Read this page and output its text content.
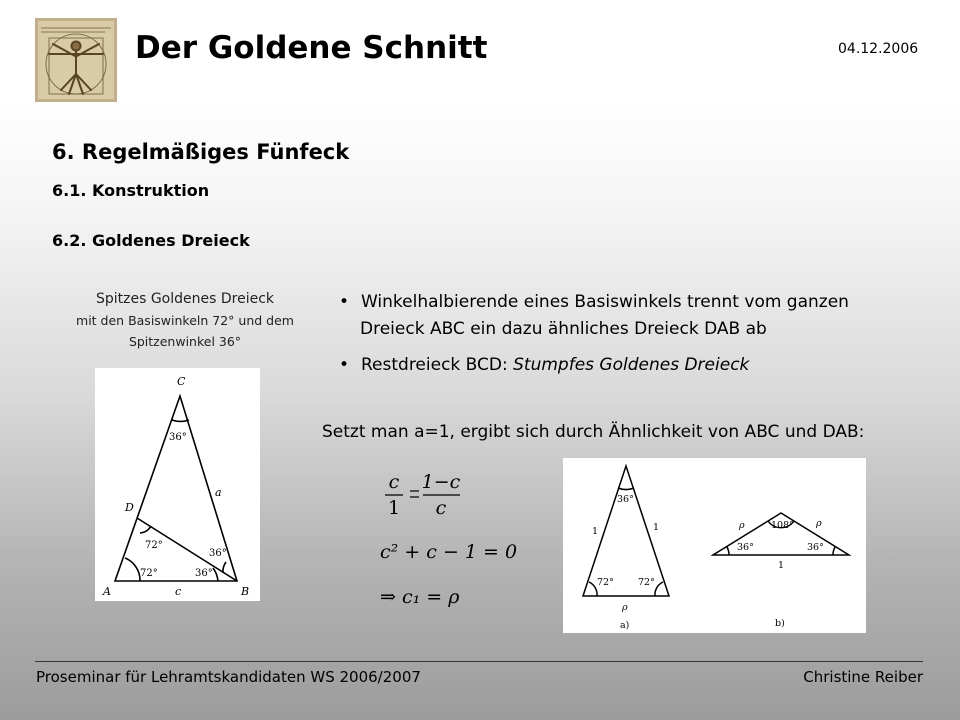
Der Goldene Schnitt	04.12.2006
6. Regelmäßiges Fünfeck
6.1. Konstruktion
6.2. Goldenes Dreieck
Spitzes Goldenes Dreieck
mit den Basiswinkeln 72° und dem
Spitzenwinkel 36°
C
D
A	B
a
c
36°
72°
72°
36°
36°
• Winkelhalbierende eines Basiswinkels trennt vom ganzen
Dreieck ABC ein dazu ähnliches Dreieck DAB ab
• Restdreieck BCD: Stumpfes Goldenes Dreieck
Setzt man a=1, ergibt sich durch Ähnlichkeit von ABC und DAB:
c
1
1−c
c
c² + c − 1 = 0
⇒ c₁ = ρ
36°
1	1
72°	72°
ρ
a)
108°
ρ	ρ
36°	36°
1
b)
Proseminar für Lehramtskandidaten WS 2006/2007	Christine Reiber
